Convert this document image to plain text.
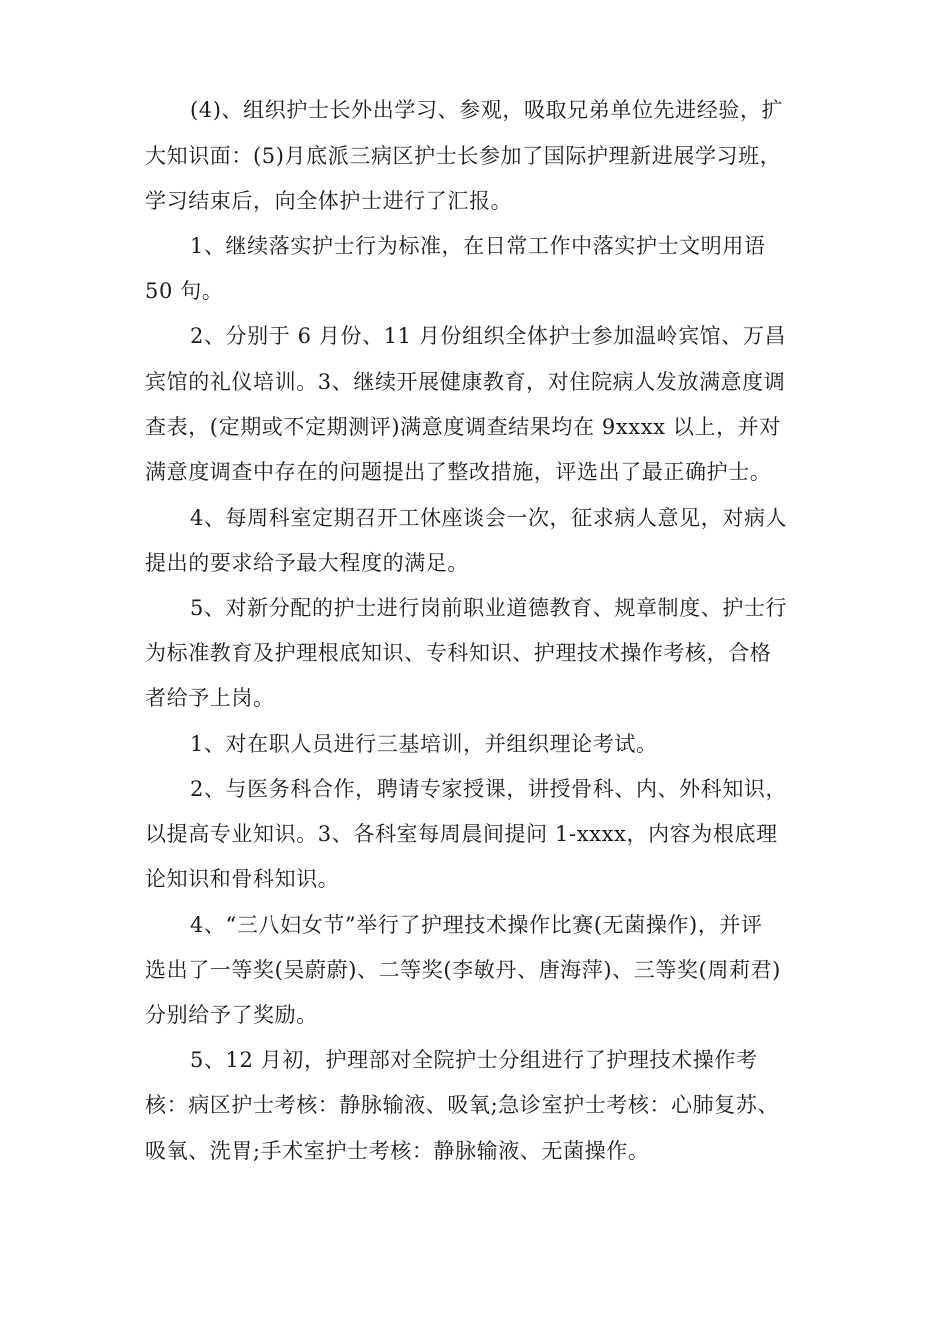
(4)、组织护士长外出学习、参观，吸取兄弟单位先进经验，扩
大知识面：(5)月底派三病区护士长参加了国际护理新进展学习班，
学习结束后，向全体护士进行了汇报。
1、继续落实护士行为标准，在日常工作中落实护士文明用语
50 句。
2、分别于 6 月份、11 月份组织全体护士参加温岭宾馆、万昌
宾馆的礼仪培训。3、继续开展健康教育，对住院病人发放满意度调
查表，(定期或不定期测评)满意度调查结果均在 9xxxx 以上，并对
满意度调查中存在的问题提出了整改措施，评选出了最正确护士。
4、每周科室定期召开工休座谈会一次，征求病人意见，对病人
提出的要求给予最大程度的满足。
5、对新分配的护士进行岗前职业道德教育、规章制度、护士行
为标准教育及护理根底知识、专科知识、护理技术操作考核，合格
者给予上岗。
1、对在职人员进行三基培训，并组织理论考试。
2、与医务科合作，聘请专家授课，讲授骨科、内、外科知识，
以提高专业知识。3、各科室每周晨间提问 1-xxxx，内容为根底理
论知识和骨科知识。
4、“三八妇女节”举行了护理技术操作比赛(无菌操作)，并评
选出了一等奖(吴蔚蔚)、二等奖(李敏丹、唐海萍)、三等奖(周莉君)
分别给予了奖励。
5、12 月初，护理部对全院护士分组进行了护理技术操作考
核：病区护士考核：静脉输液、吸氧;急诊室护士考核：心肺复苏、
吸氧、洗胃;手术室护士考核：静脉输液、无菌操作。
